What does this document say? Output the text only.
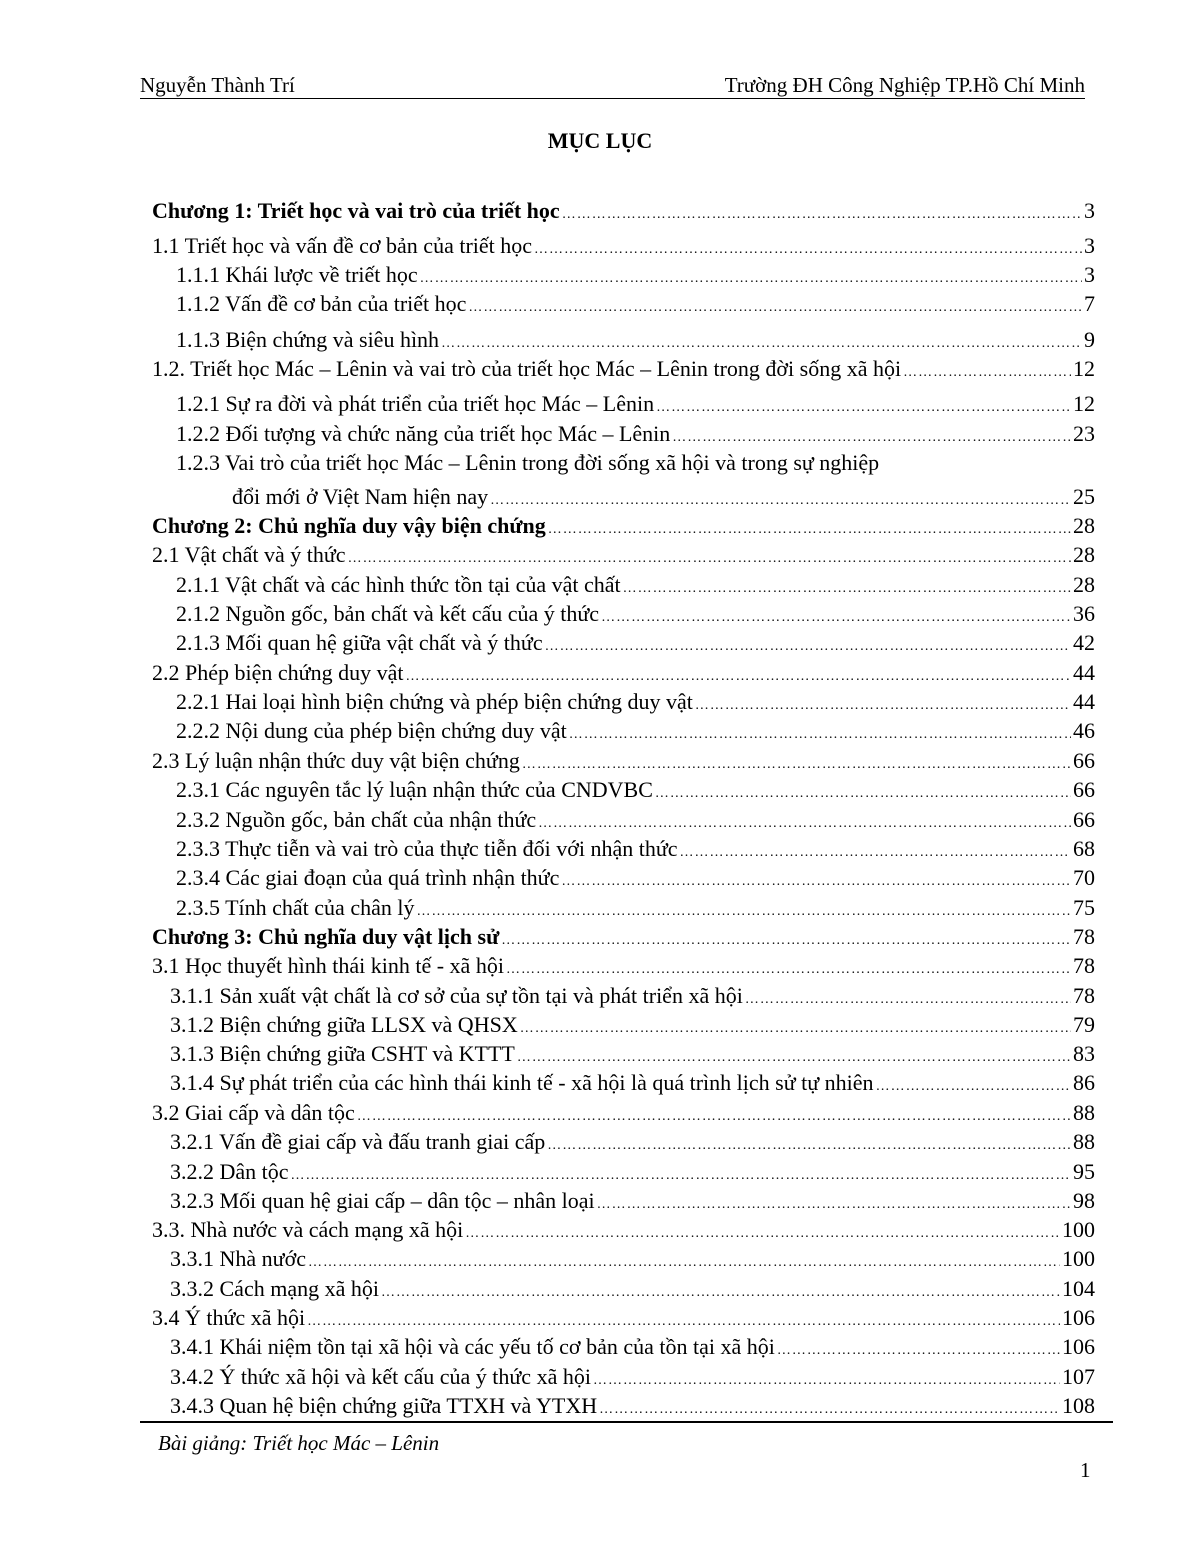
Nguyễn Thành Trí	Trường ĐH Công Nghiệp TP.Hồ Chí Minh
MỤC LỤC
Chương 1: Triết học và vai trò của triết học ………………………………………………………………………………………………………………………………………………………………………………………………………………	3
1.1 Triết học và vấn đề cơ bản của triết học ………………………………………………………………………………………………………………………………………………………………………………………………………………	3
1.1.1 Khái lược về triết học ………………………………………………………………………………………………………………………………………………………………………………………………………………	3
1.1.2 Vấn đề cơ bản của triết học ………………………………………………………………………………………………………………………………………………………………………………………………………………	7
1.1.3 Biện chứng và siêu hình ………………………………………………………………………………………………………………………………………………………………………………………………………………	9
1.2. Triết học Mác – Lênin và vai trò của triết học Mác – Lênin trong đời sống xã hội ………………………………………………………………………………………………………………………………………………………………………………………………………………	12
1.2.1 Sự ra đời và phát triển của triết học Mác – Lênin ………………………………………………………………………………………………………………………………………………………………………………………………………………	12
1.2.2 Đối tượng và chức năng của triết học Mác – Lênin ………………………………………………………………………………………………………………………………………………………………………………………………………………	23
1.2.3 Vai trò của triết học Mác – Lênin trong đời sống xã hội và trong sự nghiệp
đổi mới ở Việt Nam hiện nay ………………………………………………………………………………………………………………………………………………………………………………………………………………	25
Chương 2: Chủ nghĩa duy vậy biện chứng ………………………………………………………………………………………………………………………………………………………………………………………………………………	28
2.1 Vật chất và ý thức ………………………………………………………………………………………………………………………………………………………………………………………………………………	28
2.1.1 Vật chất và các hình thức tồn tại của vật chất ………………………………………………………………………………………………………………………………………………………………………………………………………………	28
2.1.2 Nguồn gốc, bản chất và kết cấu của ý thức ………………………………………………………………………………………………………………………………………………………………………………………………………………	36
2.1.3 Mối quan hệ giữa vật chất và ý thức ………………………………………………………………………………………………………………………………………………………………………………………………………………	42
2.2 Phép biện chứng duy vật ………………………………………………………………………………………………………………………………………………………………………………………………………………	44
2.2.1 Hai loại hình biện chứng và phép biện chứng duy vật ………………………………………………………………………………………………………………………………………………………………………………………………………………	44
2.2.2 Nội dung của phép biện chứng duy vật ………………………………………………………………………………………………………………………………………………………………………………………………………………	46
2.3 Lý luận nhận thức duy vật biện chứng ………………………………………………………………………………………………………………………………………………………………………………………………………………	66
2.3.1 Các nguyên tắc lý luận nhận thức của CNDVBC ………………………………………………………………………………………………………………………………………………………………………………………………………………	66
2.3.2 Nguồn gốc, bản chất của nhận thức ………………………………………………………………………………………………………………………………………………………………………………………………………………	66
2.3.3 Thực tiễn và vai trò của thực tiễn đối với nhận thức ………………………………………………………………………………………………………………………………………………………………………………………………………………	68
2.3.4 Các giai đoạn của quá trình nhận thức ………………………………………………………………………………………………………………………………………………………………………………………………………………	70
2.3.5 Tính chất của chân lý ………………………………………………………………………………………………………………………………………………………………………………………………………………	75
Chương 3: Chủ nghĩa duy vật lịch sử ………………………………………………………………………………………………………………………………………………………………………………………………………………	78
3.1 Học thuyết hình thái kinh tế - xã hội ………………………………………………………………………………………………………………………………………………………………………………………………………………	78
3.1.1 Sản xuất vật chất là cơ sở của sự tồn tại và phát triển xã hội ………………………………………………………………………………………………………………………………………………………………………………………………………………	78
3.1.2 Biện chứng giữa LLSX và QHSX ………………………………………………………………………………………………………………………………………………………………………………………………………………	79
3.1.3 Biện chứng giữa CSHT và KTTT ………………………………………………………………………………………………………………………………………………………………………………………………………………	83
3.1.4 Sự phát triển của các hình thái kinh tế - xã hội là quá trình lịch sử tự nhiên ………………………………………………………………………………………………………………………………………………………………………………………………………………	86
3.2 Giai cấp và dân tộc ………………………………………………………………………………………………………………………………………………………………………………………………………………	88
3.2.1 Vấn đề giai cấp và đấu tranh giai cấp ………………………………………………………………………………………………………………………………………………………………………………………………………………	88
3.2.2 Dân tộc ………………………………………………………………………………………………………………………………………………………………………………………………………………	95
3.2.3 Mối quan hệ giai cấp – dân tộc – nhân loại ………………………………………………………………………………………………………………………………………………………………………………………………………………	98
3.3. Nhà nước và cách mạng xã hội ………………………………………………………………………………………………………………………………………………………………………………………………………………	100
3.3.1 Nhà nước ………………………………………………………………………………………………………………………………………………………………………………………………………………	100
3.3.2 Cách mạng xã hội ………………………………………………………………………………………………………………………………………………………………………………………………………………	104
3.4 Ý thức xã hội ………………………………………………………………………………………………………………………………………………………………………………………………………………	106
3.4.1 Khái niệm tồn tại xã hội và các yếu tố cơ bản của tồn tại xã hội ………………………………………………………………………………………………………………………………………………………………………………………………………………	106
3.4.2 Ý thức xã hội và kết cấu của ý thức xã hội ………………………………………………………………………………………………………………………………………………………………………………………………………………	107
3.4.3 Quan hệ biện chứng giữa TTXH và YTXH ………………………………………………………………………………………………………………………………………………………………………………………………………………	108
Bài giảng: Triết học Mác – Lênin
1
